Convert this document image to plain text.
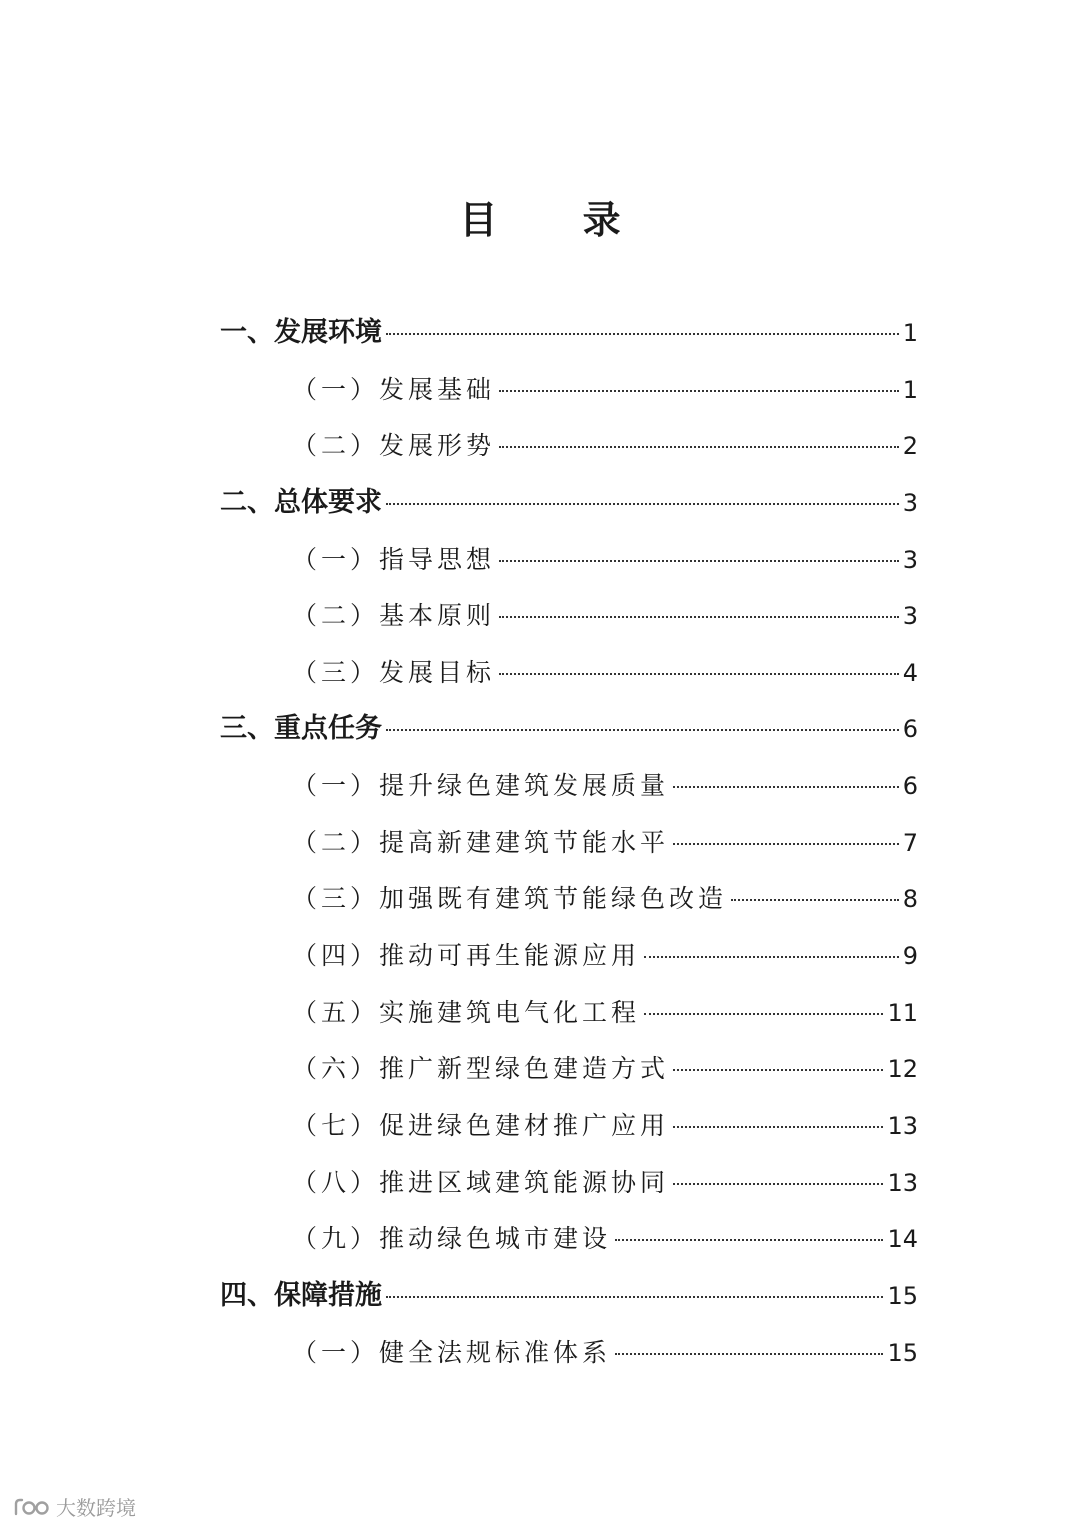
目 录
一、发展环境	1
（一）发展基础	1
（二）发展形势	2
二、总体要求	3
（一）指导思想	3
（二）基本原则	3
（三）发展目标	4
三、重点任务	6
（一）提升绿色建筑发展质量	6
（二）提高新建建筑节能水平	7
（三）加强既有建筑节能绿色改造	8
（四）推动可再生能源应用	9
（五）实施建筑电气化工程	11
（六）推广新型绿色建造方式	12
（七）促进绿色建材推广应用	13
（八）推进区域建筑能源协同	13
（九）推动绿色城市建设	14
四、保障措施	15
（一）健全法规标准体系	15
大数跨境
